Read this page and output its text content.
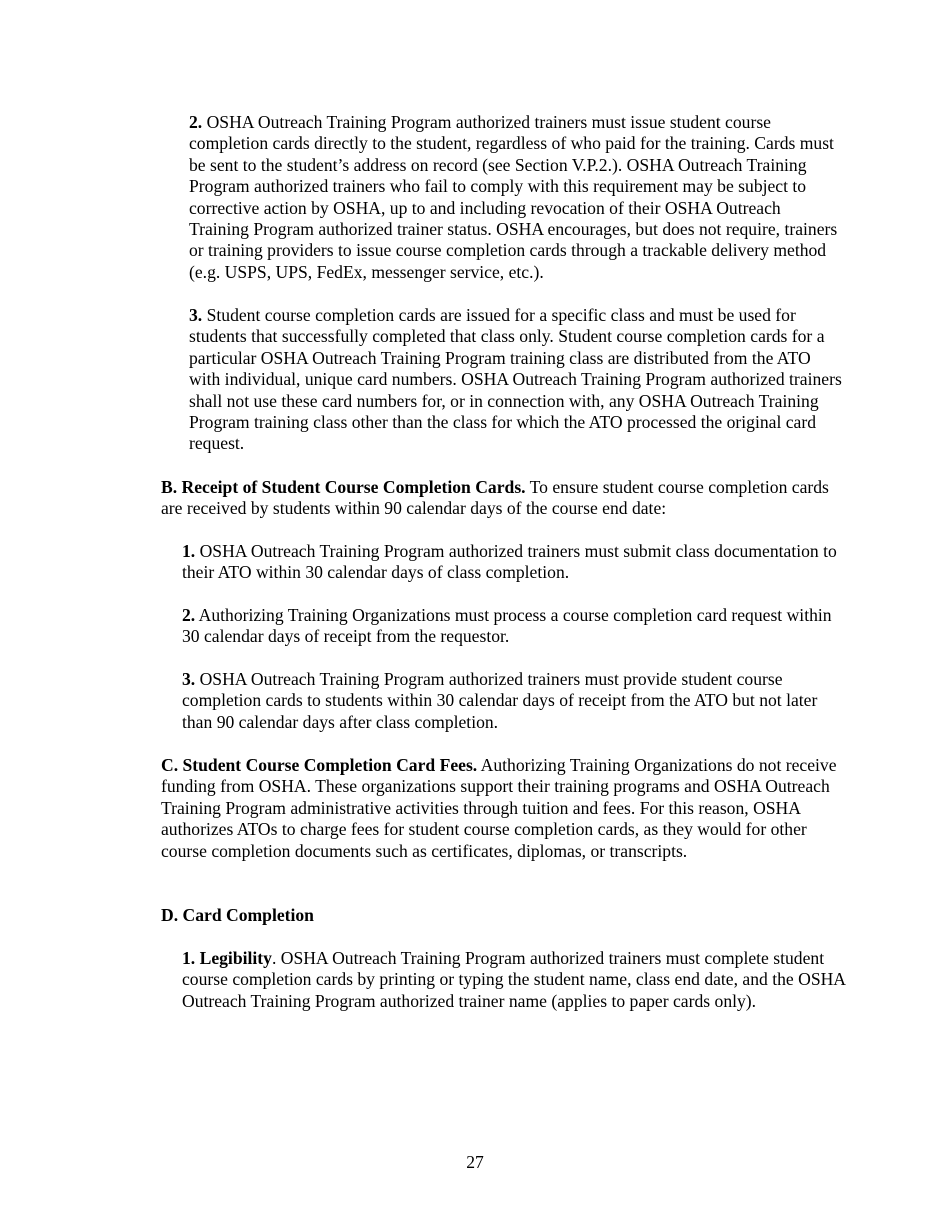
2. OSHA Outreach Training Program authorized trainers must issue student course completion cards directly to the student, regardless of who paid for the training. Cards must be sent to the student’s address on record (see Section V.P.2.). OSHA Outreach Training Program authorized trainers who fail to comply with this requirement may be subject to corrective action by OSHA, up to and including revocation of their OSHA Outreach Training Program authorized trainer status. OSHA encourages, but does not require, trainers or training providers to issue course completion cards through a trackable delivery method (e.g. USPS, UPS, FedEx, messenger service, etc.).

3. Student course completion cards are issued for a specific class and must be used for students that successfully completed that class only. Student course completion cards for a particular OSHA Outreach Training Program training class are distributed from the ATO with individual, unique card numbers. OSHA Outreach Training Program authorized trainers shall not use these card numbers for, or in connection with, any OSHA Outreach Training Program training class other than the class for which the ATO processed the original card request.

B. Receipt of Student Course Completion Cards. To ensure student course completion cards are received by students within 90 calendar days of the course end date:

1. OSHA Outreach Training Program authorized trainers must submit class documentation to their ATO within 30 calendar days of class completion.

2. Authorizing Training Organizations must process a course completion card request within 30 calendar days of receipt from the requestor.

3. OSHA Outreach Training Program authorized trainers must provide student course completion cards to students within 30 calendar days of receipt from the ATO but not later than 90 calendar days after class completion.

C. Student Course Completion Card Fees. Authorizing Training Organizations do not receive funding from OSHA. These organizations support their training programs and OSHA Outreach Training Program administrative activities through tuition and fees. For this reason, OSHA authorizes ATOs to charge fees for student course completion cards, as they would for other course completion documents such as certificates, diplomas, or transcripts.

D. Card Completion

1. Legibility. OSHA Outreach Training Program authorized trainers must complete student course completion cards by printing or typing the student name, class end date, and the OSHA Outreach Training Program authorized trainer name (applies to paper cards only).

27
